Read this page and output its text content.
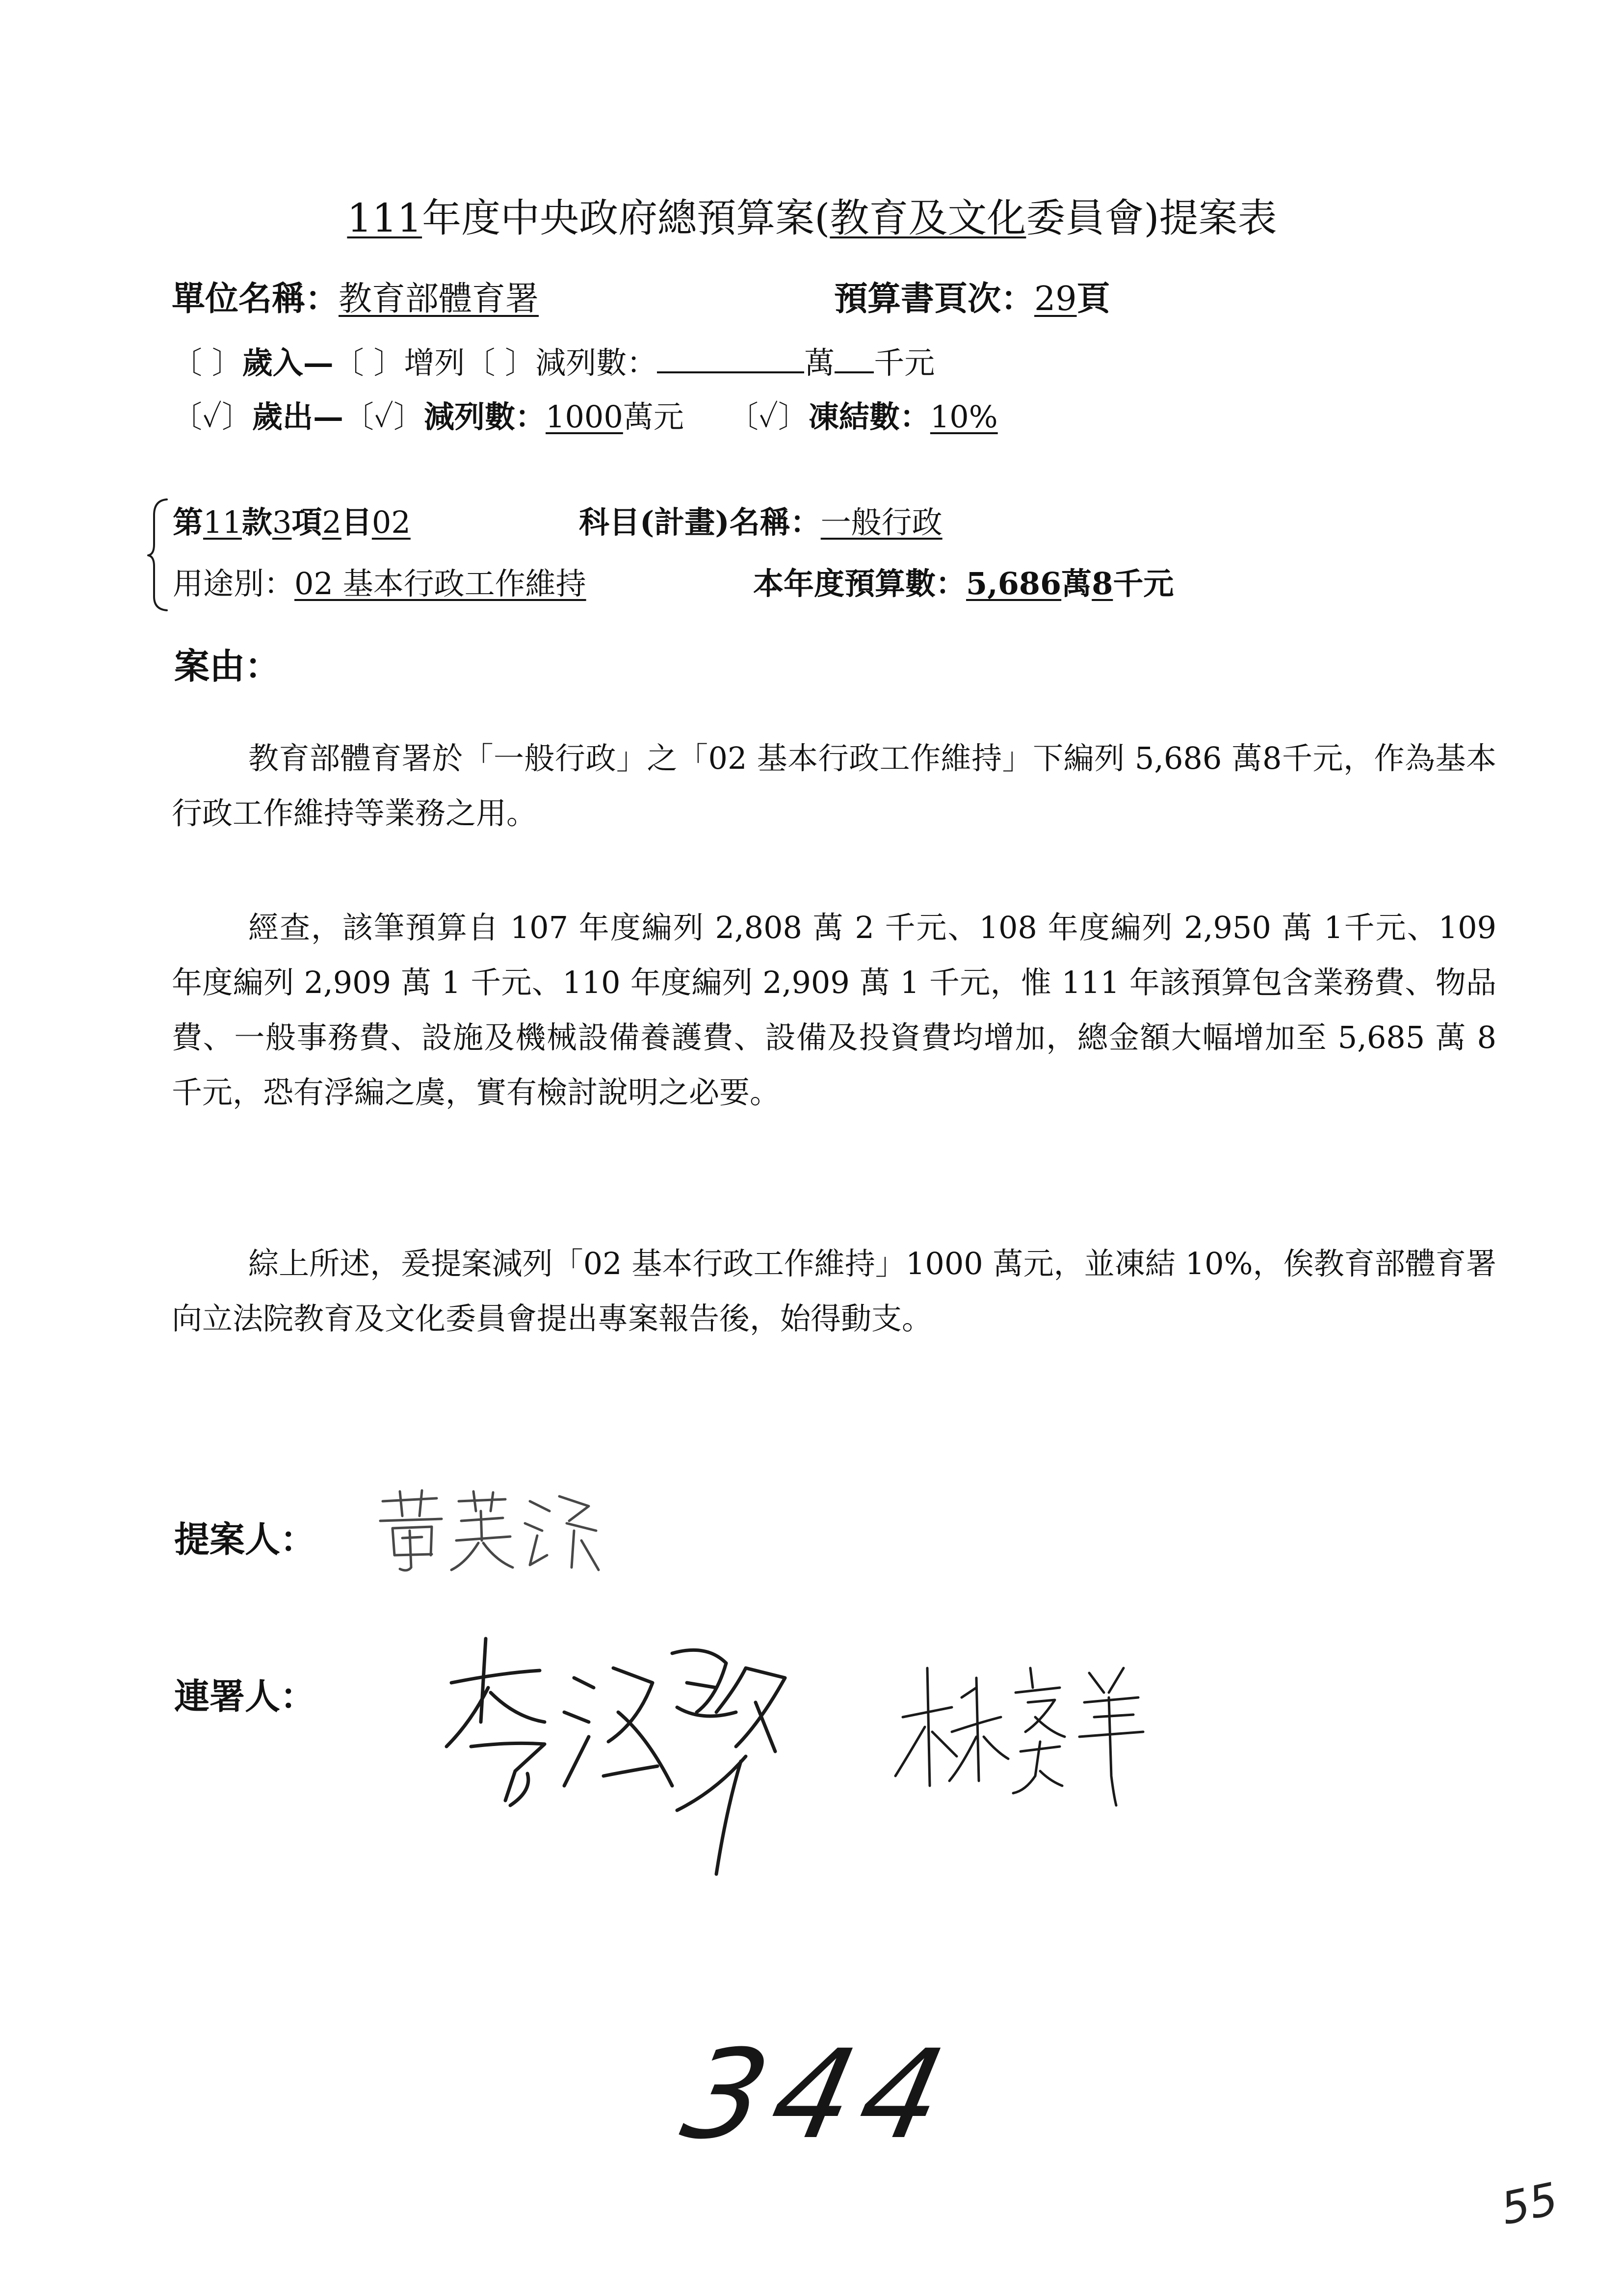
111年度中央政府總預算案(教育及文化委員會)提案表
單位名稱：教育部體育署	預算書頁次：29頁
〔 〕歲入—〔 〕增列〔 〕減列數：	萬 千元
〔✓〕歲出—〔✓〕減列數：1000萬元 〔✓〕凍結數：10%
第11款3項2目02	科目(計畫)名稱：一般行政
用途別：02 基本行政工作維持	本年度預算數：5,686萬8千元
案由：

教育部體育署於「一般行政」之「02 基本行政工作維持」下編列 5,686 萬8千元，作為基本行政工作維持等業務之用。

經查，該筆預算自 107 年度編列 2,808 萬 2 千元、108 年度編列 2,950 萬 1千元、109 年度編列 2,909 萬 1 千元、110 年度編列 2,909 萬 1 千元，惟 111 年該預算包含業務費、物品費、一般事務費、設施及機械設備養護費、設備及投資費均增加，總金額大幅增加至 5,685 萬 8 千元，恐有浮編之虞，實有檢討說明之必要。

綜上所述，爰提案減列「02 基本行政工作維持」1000 萬元，並凍結 10%，俟教育部體育署向立法院教育及文化委員會提出專案報告後，始得動支。

提案人：
連署人：
344
55
